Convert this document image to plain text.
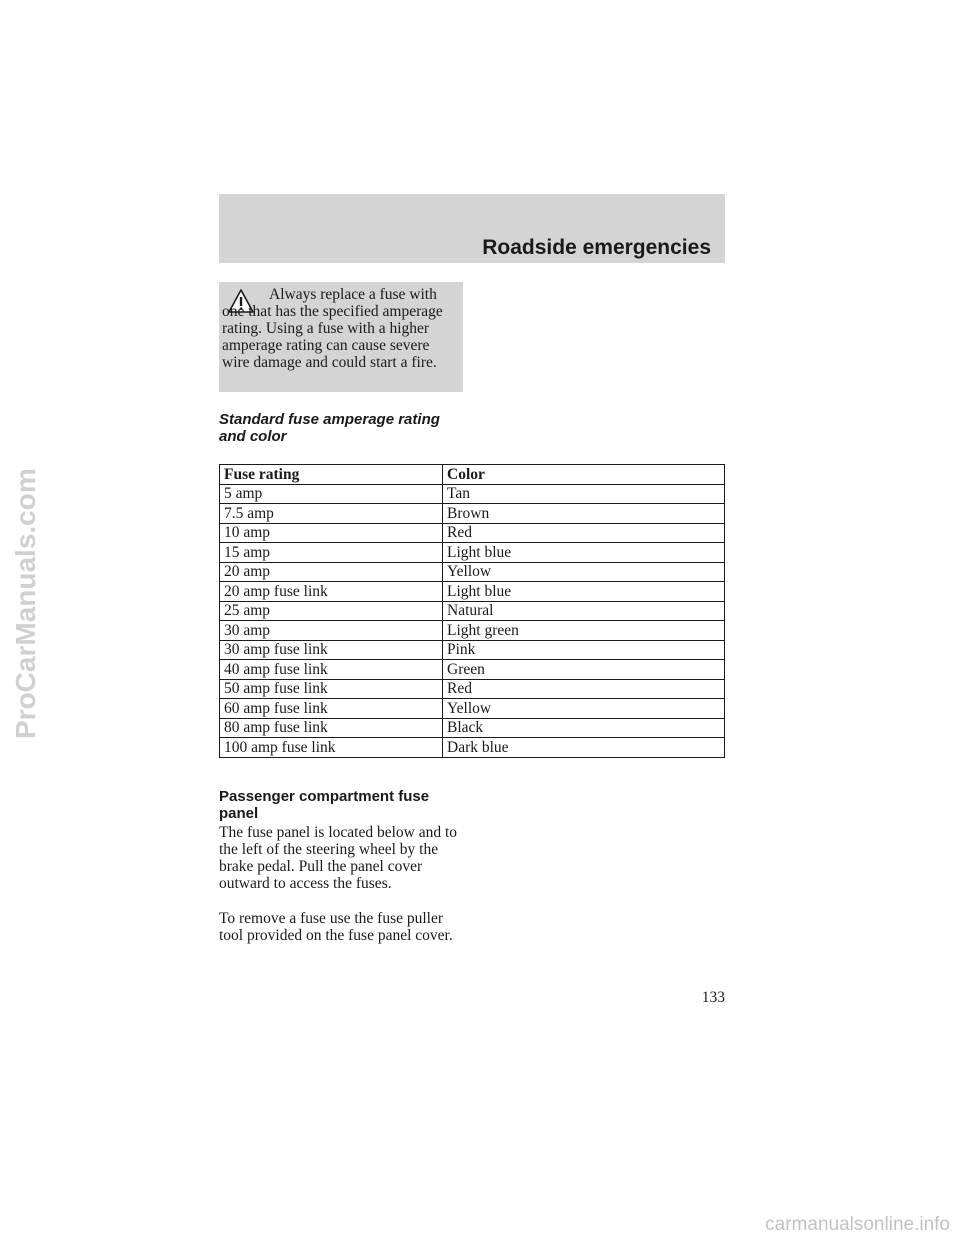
Roadside emergencies

Always replace a fuse with one that has the specified amperage rating. Using a fuse with a higher amperage rating can cause severe wire damage and could start a fire.

Standard fuse amperage rating
and color
Fuse rating	Color
5 amp	Tan
7.5 amp	Brown
10 amp	Red
15 amp	Light blue
20 amp	Yellow
20 amp fuse link	Light blue
25 amp	Natural
30 amp	Light green
30 amp fuse link	Pink
40 amp fuse link	Green
50 amp fuse link	Red
60 amp fuse link	Yellow
80 amp fuse link	Black
100 amp fuse link	Dark blue
Passenger compartment fuse
panel

The fuse panel is located below and to the left of the steering wheel by the brake pedal. Pull the panel cover outward to access the fuses.

To remove a fuse use the fuse puller tool provided on the fuse panel cover.

133
ProCarManuals.com
carmanualsonline.info
